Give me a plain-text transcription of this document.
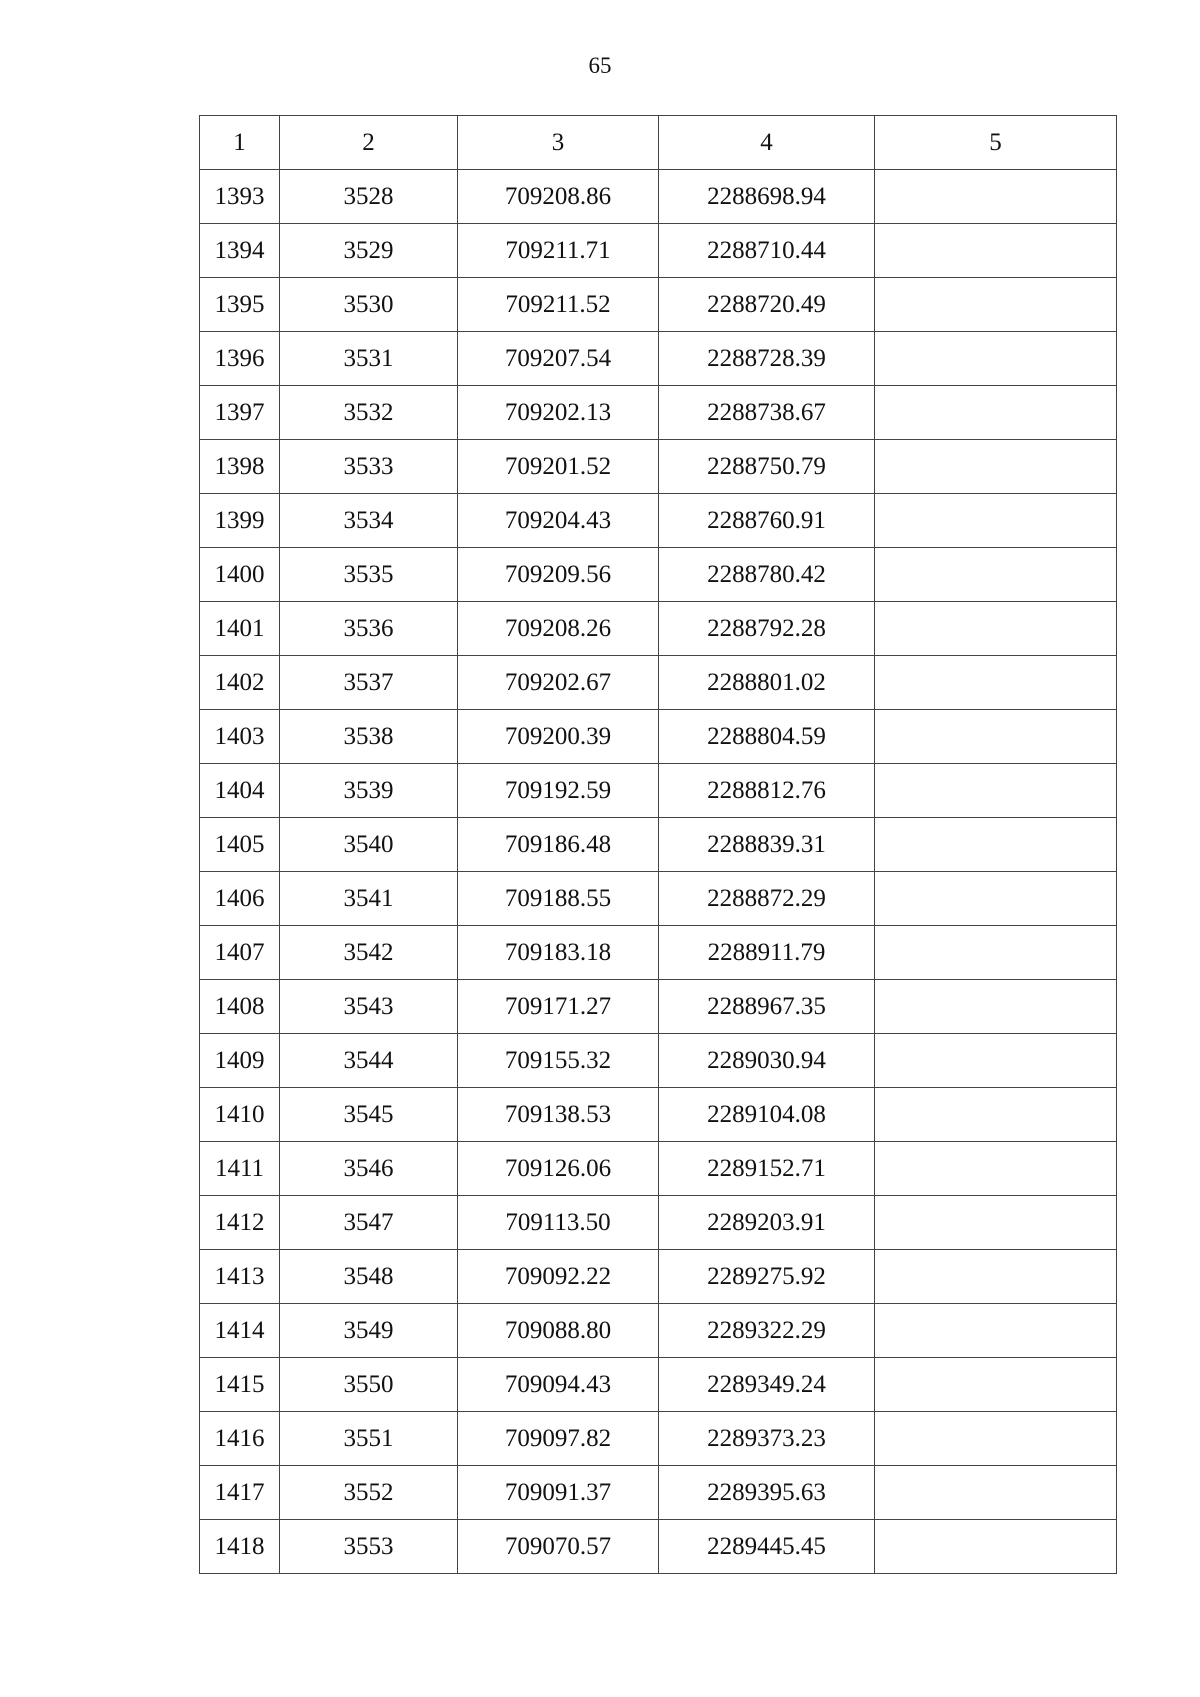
65
1	2	3	4	5
1393	3528	709208.86	2288698.94	
1394	3529	709211.71	2288710.44	
1395	3530	709211.52	2288720.49	
1396	3531	709207.54	2288728.39	
1397	3532	709202.13	2288738.67	
1398	3533	709201.52	2288750.79	
1399	3534	709204.43	2288760.91	
1400	3535	709209.56	2288780.42	
1401	3536	709208.26	2288792.28	
1402	3537	709202.67	2288801.02	
1403	3538	709200.39	2288804.59	
1404	3539	709192.59	2288812.76	
1405	3540	709186.48	2288839.31	
1406	3541	709188.55	2288872.29	
1407	3542	709183.18	2288911.79	
1408	3543	709171.27	2288967.35	
1409	3544	709155.32	2289030.94	
1410	3545	709138.53	2289104.08	
1411	3546	709126.06	2289152.71	
1412	3547	709113.50	2289203.91	
1413	3548	709092.22	2289275.92	
1414	3549	709088.80	2289322.29	
1415	3550	709094.43	2289349.24	
1416	3551	709097.82	2289373.23	
1417	3552	709091.37	2289395.63	
1418	3553	709070.57	2289445.45	
